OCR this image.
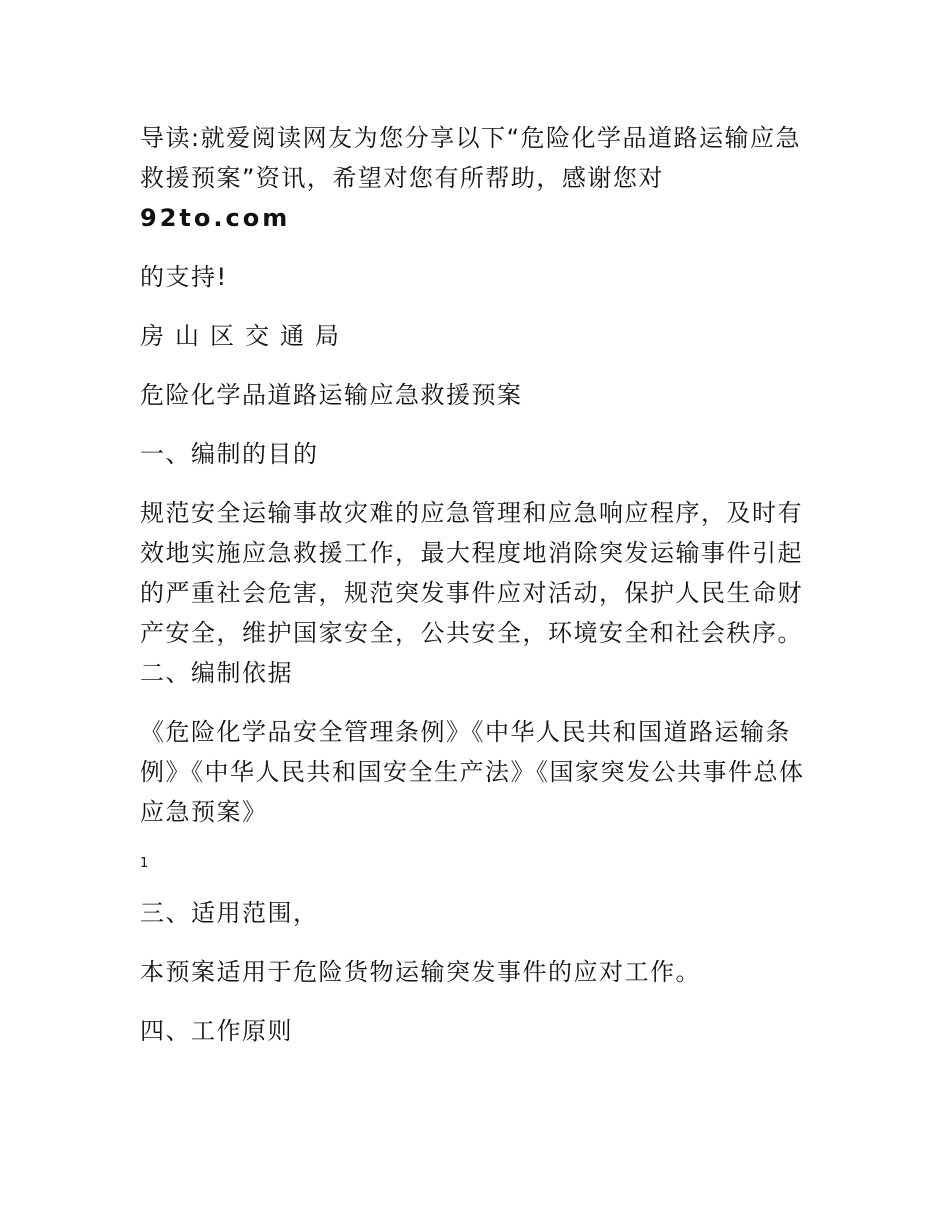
导读:就爱阅读网友为您分享以下“危险化学品道路运输应急救援预案”资讯，希望对您有所帮助，感谢您对
92to.com

的支持!

房山区交通局

危险化学品道路运输应急救援预案

一、编制的目的

规范安全运输事故灾难的应急管理和应急响应程序，及时有效地实施应急救援工作，最大程度地消除突发运输事件引起的严重社会危害，规范突发事件应对活动，保护人民生命财产安全，维护国家安全，公共安全，环境安全和社会秩序。 二、编制依据

《危险化学品安全管理条例》《中华人民共和国道路运输条例》《中华人民共和国安全生产法》《国家突发公共事件总体应急预案》

1

三、适用范围，

本预案适用于危险货物运输突发事件的应对工作。

四、工作原则
